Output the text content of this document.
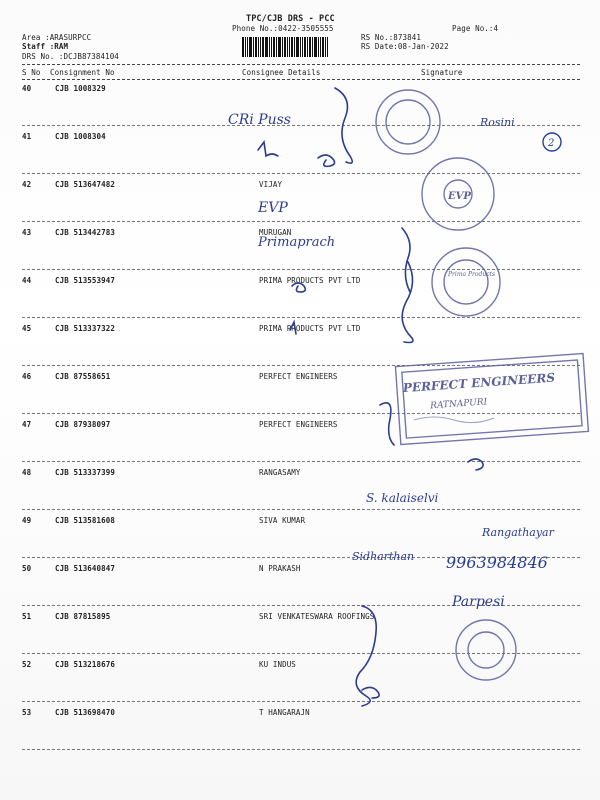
TPC/CJB DRS - PCC
Phone No.:0422-3505555	Page No.:4
Area :ARASURPCC
Staff :RAM
DRS No. :DCJB87384104
RS No.:873841
RS Date:08-Jan-2022
S No Consignment No	Consignee Details	Signature
40	CJB 1008329
41	CJB 1008304
42	CJB 513647482	VIJAY
43	CJB 513442783	MURUGAN
44	CJB 513553947	PRIMA PRODUCTS PVT LTD
45	CJB 513337322	PRIMA PRODUCTS PVT LTD
46	CJB 87558651	PERFECT ENGINEERS
47	CJB 87938097	PERFECT ENGINEERS
48	CJB 513337399	RANGASAMY
49	CJB 513581608	SIVA KUMAR
50	CJB 513640847	N PRAKASH
51	CJB 87815895	SRI VENKATESWARA ROOFINGS
52	CJB 513218676	KU INDUS
53	CJB 513698470	T HANGARAJN
CRi Puss	Rosini
EVP
Primaprach
S. kalaiselvi
Rangathayar
Sidharthan 9963984846
Parpesi
2
EVP
PERFECT ENGINEERS
RATNAPURI
Prima Products
